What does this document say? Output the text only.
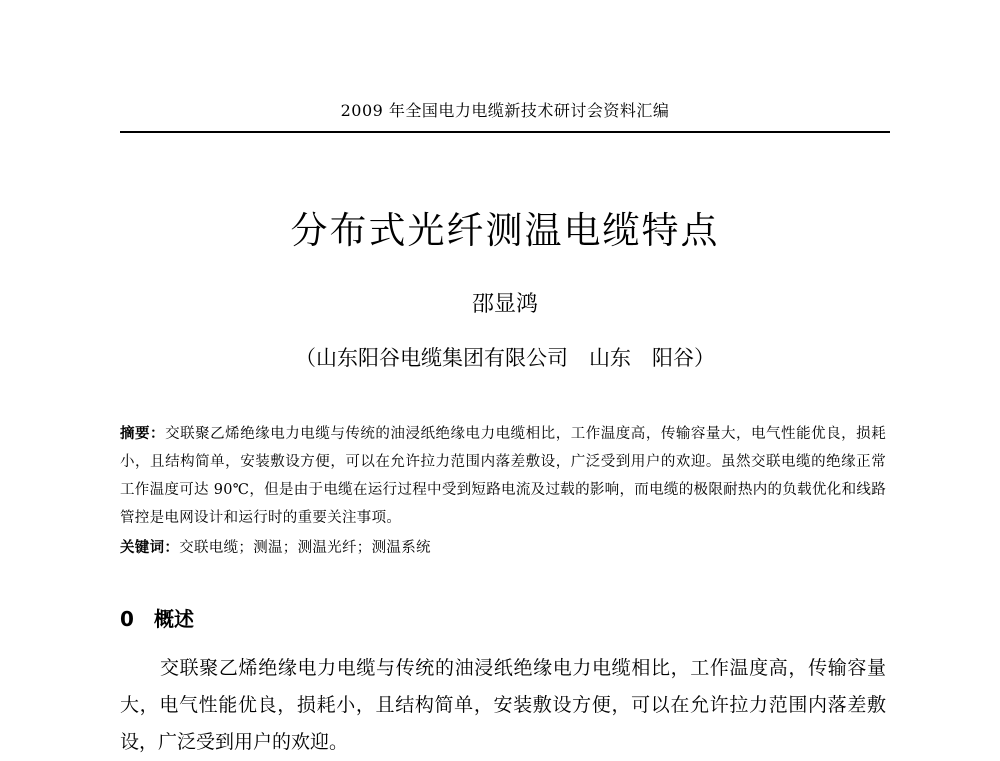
2009 年全国电力电缆新技术研讨会资料汇编
分布式光纤测温电缆特点
邵显鸿
（山东阳谷电缆集团有限公司　山东　阳谷）
摘要：交联聚乙烯绝缘电力电缆与传统的油浸纸绝缘电力电缆相比，工作温度高，传输容量大，电气性能优良，损耗小，且结构简单，安装敷设方便，可以在允许拉力范围内落差敷设，广泛受到用户的欢迎。虽然交联电缆的绝缘正常工作温度可达 90℃，但是由于电缆在运行过程中受到短路电流及过载的影响，而电缆的极限耐热内的负载优化和线路管控是电网设计和运行时的重要关注事项。
关键词：交联电缆；测温；测温光纤；测温系统
0 概述
交联聚乙烯绝缘电力电缆与传统的油浸纸绝缘电力电缆相比，工作温度高，传输容量大，电气性能优良，损耗小，且结构简单，安装敷设方便，可以在允许拉力范围内落差敷设，广泛受到用户的欢迎。
